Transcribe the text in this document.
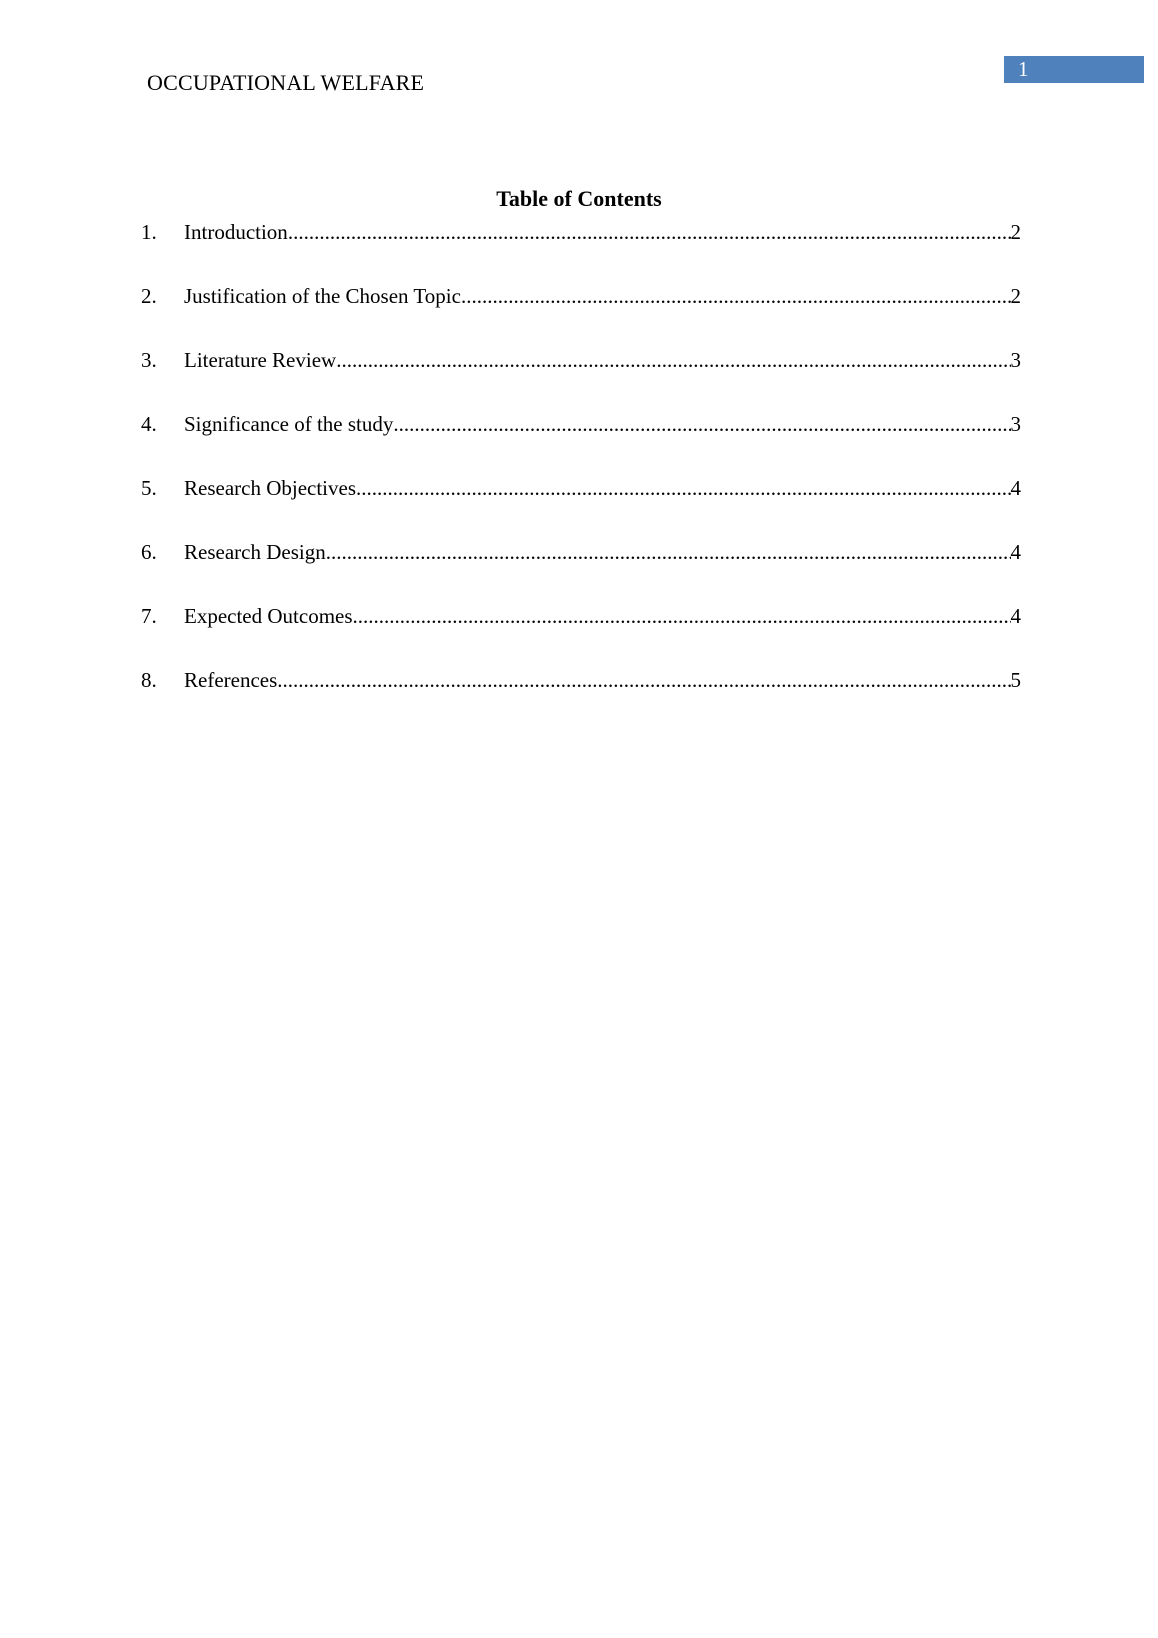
OCCUPATIONAL WELFARE
1
Table of Contents
1.	Introduction .....	2
2.	Justification of the Chosen Topic .....	2
3.	Literature Review .....	3
4.	Significance of the study .....	3
5.	Research Objectives .....	4
6.	Research Design .....	4
7.	Expected Outcomes .....	4
8.	References .....	5
